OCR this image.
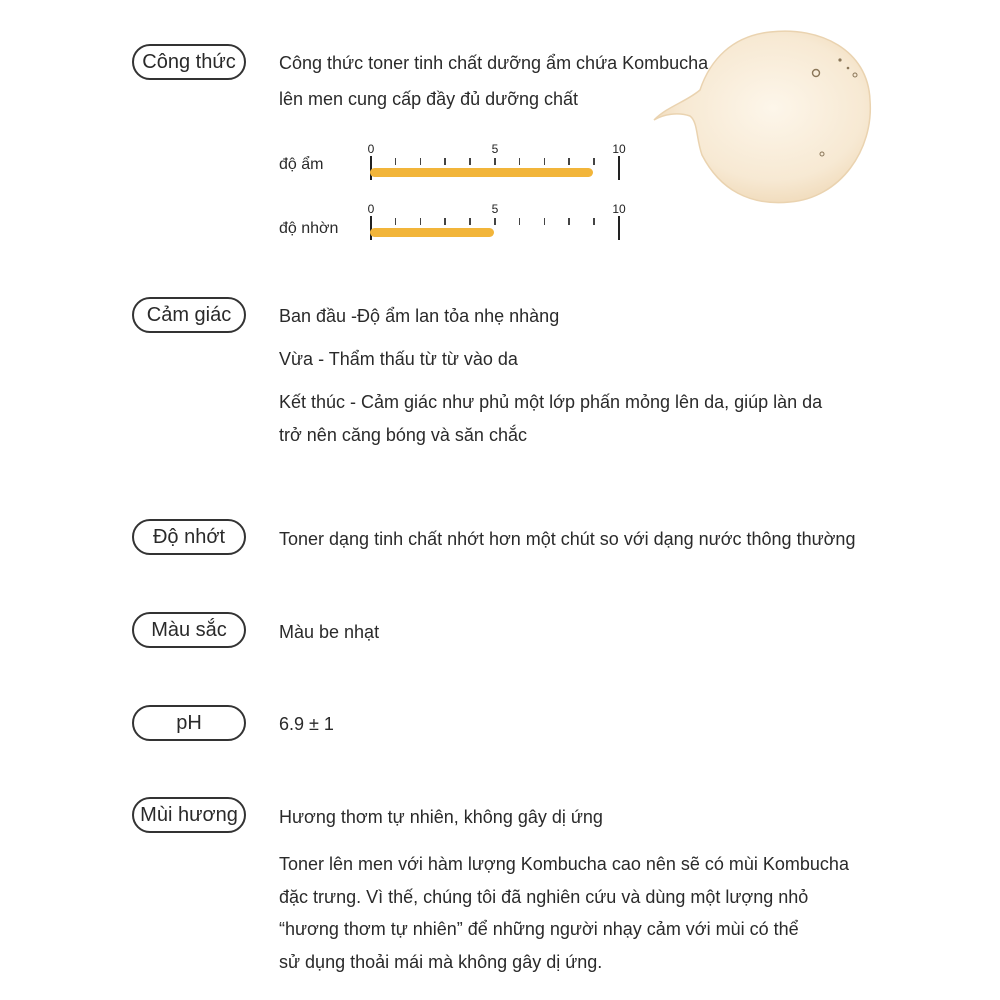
Công thức	Công thức toner tinh chất dưỡng ẩm chứa Kombucha
lên men cung cấp đầy đủ dưỡng chất
độ ẩm
0	5	10
độ nhờn
0	5	10
Cảm giác	Ban đầu -Độ ẩm lan tỏa nhẹ nhàng
Vừa - Thẩm thấu từ từ vào da
Kết thúc - Cảm giác như phủ một lớp phấn mỏng lên da, giúp làn da
trở nên căng bóng và săn chắc
Độ nhớt	Toner dạng tinh chất nhớt hơn một chút so với dạng nước thông thường
Màu sắc	Màu be nhạt
pH	6.9 ± 1
Mùi hương	Hương thơm tự nhiên, không gây dị ứng
Toner lên men với hàm lượng Kombucha cao nên sẽ có mùi Kombucha
đặc trưng. Vì thế, chúng tôi đã nghiên cứu và dùng một lượng nhỏ
“hương thơm tự nhiên” để những người nhạy cảm với mùi có thể
sử dụng thoải mái mà không gây dị ứng.
